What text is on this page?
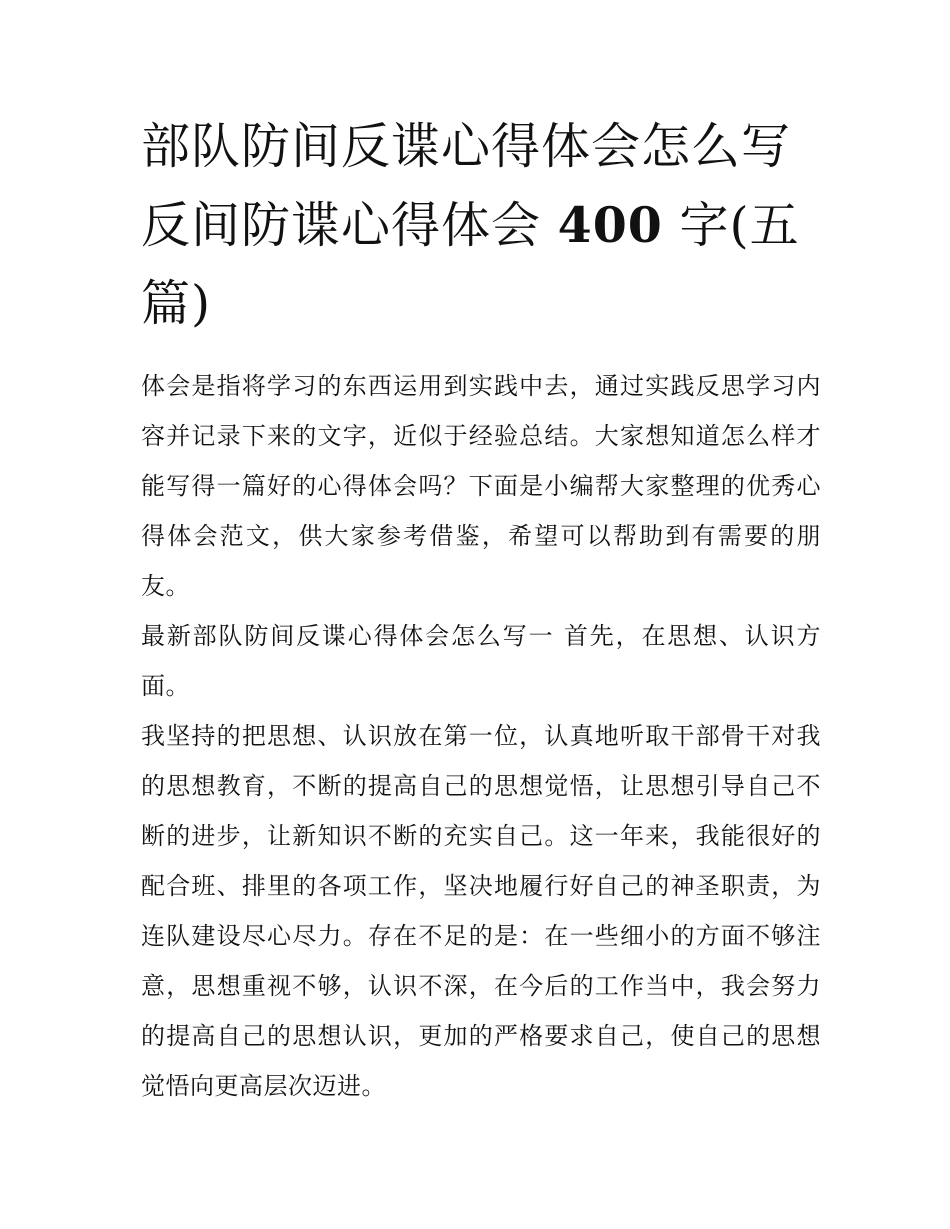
部队防间反谍心得体会怎么写反间防谍心得体会 400 字(五篇)

体会是指将学习的东西运用到实践中去，通过实践反思学习内容并记录下来的文字，近似于经验总结。大家想知道怎么样才能写得一篇好的心得体会吗？下面是小编帮大家整理的优秀心得体会范文，供大家参考借鉴，希望可以帮助到有需要的朋友。

最新部队防间反谍心得体会怎么写一 首先，在思想、认识方面。

我坚持的把思想、认识放在第一位，认真地听取干部骨干对我的思想教育，不断的提高自己的思想觉悟，让思想引导自己不断的进步，让新知识不断的充实自己。这一年来，我能很好的配合班、排里的各项工作，坚决地履行好自己的神圣职责，为连队建设尽心尽力。存在不足的是：在一些细小的方面不够注意，思想重视不够，认识不深，在今后的工作当中，我会努力的提高自己的思想认识，更加的严格要求自己，使自己的思想觉悟向更高层次迈进。
